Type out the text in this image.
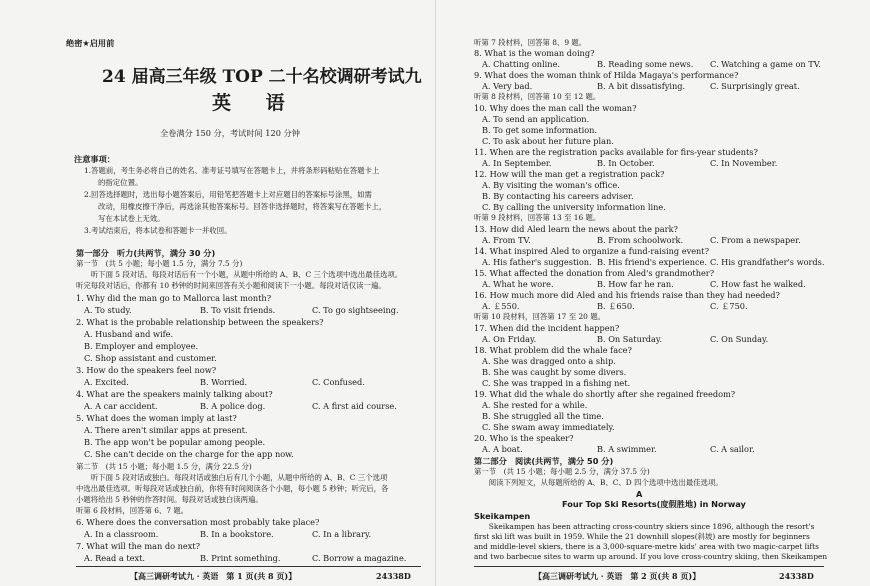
绝密★启用前
24 届高三年级 TOP 二十名校调研考试九
英 语
全卷满分 150 分，考试时间 120 分钟
注意事项：
1.答题前，考生务必将自己的姓名、准考证号填写在答题卡上，并将条形码粘贴在答题卡上
的指定位置。
2.回答选择题时，选出每小题答案后，用铅笔把答题卡上对应题目的答案标号涂黑，如需
改动，用橡皮擦干净后，再选涂其他答案标号。回答非选择题时，将答案写在答题卡上，
写在本试卷上无效。
3.考试结束后，将本试卷和答题卡一并收回。
第一部分　听力(共两节，满分 30 分)
第一节　(共 5 小题；每小题 1.5 分，满分 7.5 分)
　　听下面 5 段对话。每段对话后有一个小题，从题中所给的 A、B、C 三个选项中选出最佳选项。
听完每段对话后，你都有 10 秒钟的时间来回答有关小题和阅读下一小题。每段对话仅读一遍。
1. Why did the man go to Mallorca last month?
A. To study.	B. To visit friends.	C. To go sightseeing.
2. What is the probable relationship between the speakers?
A. Husband and wife.
B. Employer and employee.
C. Shop assistant and customer.
3. How do the speakers feel now?
A. Excited.	B. Worried.	C. Confused.
4. What are the speakers mainly talking about?
A. A car accident.	B. A police dog.	C. A first aid course.
5. What does the woman imply at last?
A. There aren't similar apps at present.
B. The app won't be popular among people.
C. She can't decide on the charge for the app now.
第二节　(共 15 小题；每小题 1.5 分，满分 22.5 分)
　　听下面 5 段对话或独白。每段对话或独白后有几个小题，从题中所给的 A、B、C 三个选项
中选出最佳选项。听每段对话或独白前，你将有时间阅读各个小题，每小题 5 秒钟；听完后，各
小题将给出 5 秒钟的作答时间。每段对话或独白读两遍。
听第 6 段材料，回答第 6、7 题。
6. Where does the conversation most probably take place?
A. In a classroom.	B. In a bookstore.	C. In a library.
7. What will the man do next?
A. Read a text.	B. Print something.	C. Borrow a magazine.
【高三调研考试九 · 英语　第 1 页(共 8 页)】	24338D
听第 7 段材料，回答第 8、9 题。
8. What is the woman doing?
A. Chatting online.	B. Reading some news. C. Watching a game on TV.
9. What does the woman think of Hilda Magaya's performance?
A. Very bad.	B. A bit dissatisfying.	C. Surprisingly great.
听第 8 段材料，回答第 10 至 12 题。
10. Why does the man call the woman?
A. To send an application.
B. To get some information.
C. To ask about her future plan.
11. When are the registration packs available for firs-year students?
A. In September.	B. In October.	C. In November.
12. How will the man get a registration pack?
A. By visiting the woman's office.
B. By contacting his careers adviser.
C. By calling the university information line.
听第 9 段材料，回答第 13 至 16 题。
13. How did Aled learn the news about the park?
A. From TV.	B. From schoolwork.	C. From a newspaper.
14. What inspired Aled to organize a fund-raising event?
A. His father's suggestion. B. His friend's experience. C. His grandfather's words.
15. What affected the donation from Aled's grandmother?
A. What he wore.	B. How far he ran.	C. How fast he walked.
16. How much more did Aled and his friends raise than they had needed?
A. ￡550.	B. ￡650.	C. ￡750.
听第 10 段材料，回答第 17 至 20 题。
17. When did the incident happen?
A. On Friday.	B. On Saturday.	C. On Sunday.
18. What problem did the whale face?
A. She was dragged onto a ship.
B. She was caught by some divers.
C. She was trapped in a fishing net.
19. What did the whale do shortly after she regained freedom?
A. She rested for a while.
B. She struggled all the time.
C. She swam away immediately.
20. Who is the speaker?
A. A boat.	B. A swimmer.	C. A sailor.
第二部分　阅读(共两节，满分 50 分)
第一节　(共 15 小题；每小题 2.5 分，满分 37.5 分)
　　阅读下列短文，从每题所给的 A、B、C、D 四个选项中选出最佳选项。
A
Four Top Ski Resorts(度假胜地) in Norway
Skeikampen
　　Skeikampen has been attracting cross-country skiers since 1896, although the resort's
first ski lift was built in 1959. While the 21 downhill slopes(斜坡) are mostly for beginners
and middle-level skiers, there is a 3,000-square-metre kids' area with two magic-carpet lifts
and two barbecue sites to warm up around. If you love cross-country skiing, then Skeikampen
【高三调研考试九 · 英语　第 2 页(共 8 页)】	24338D
